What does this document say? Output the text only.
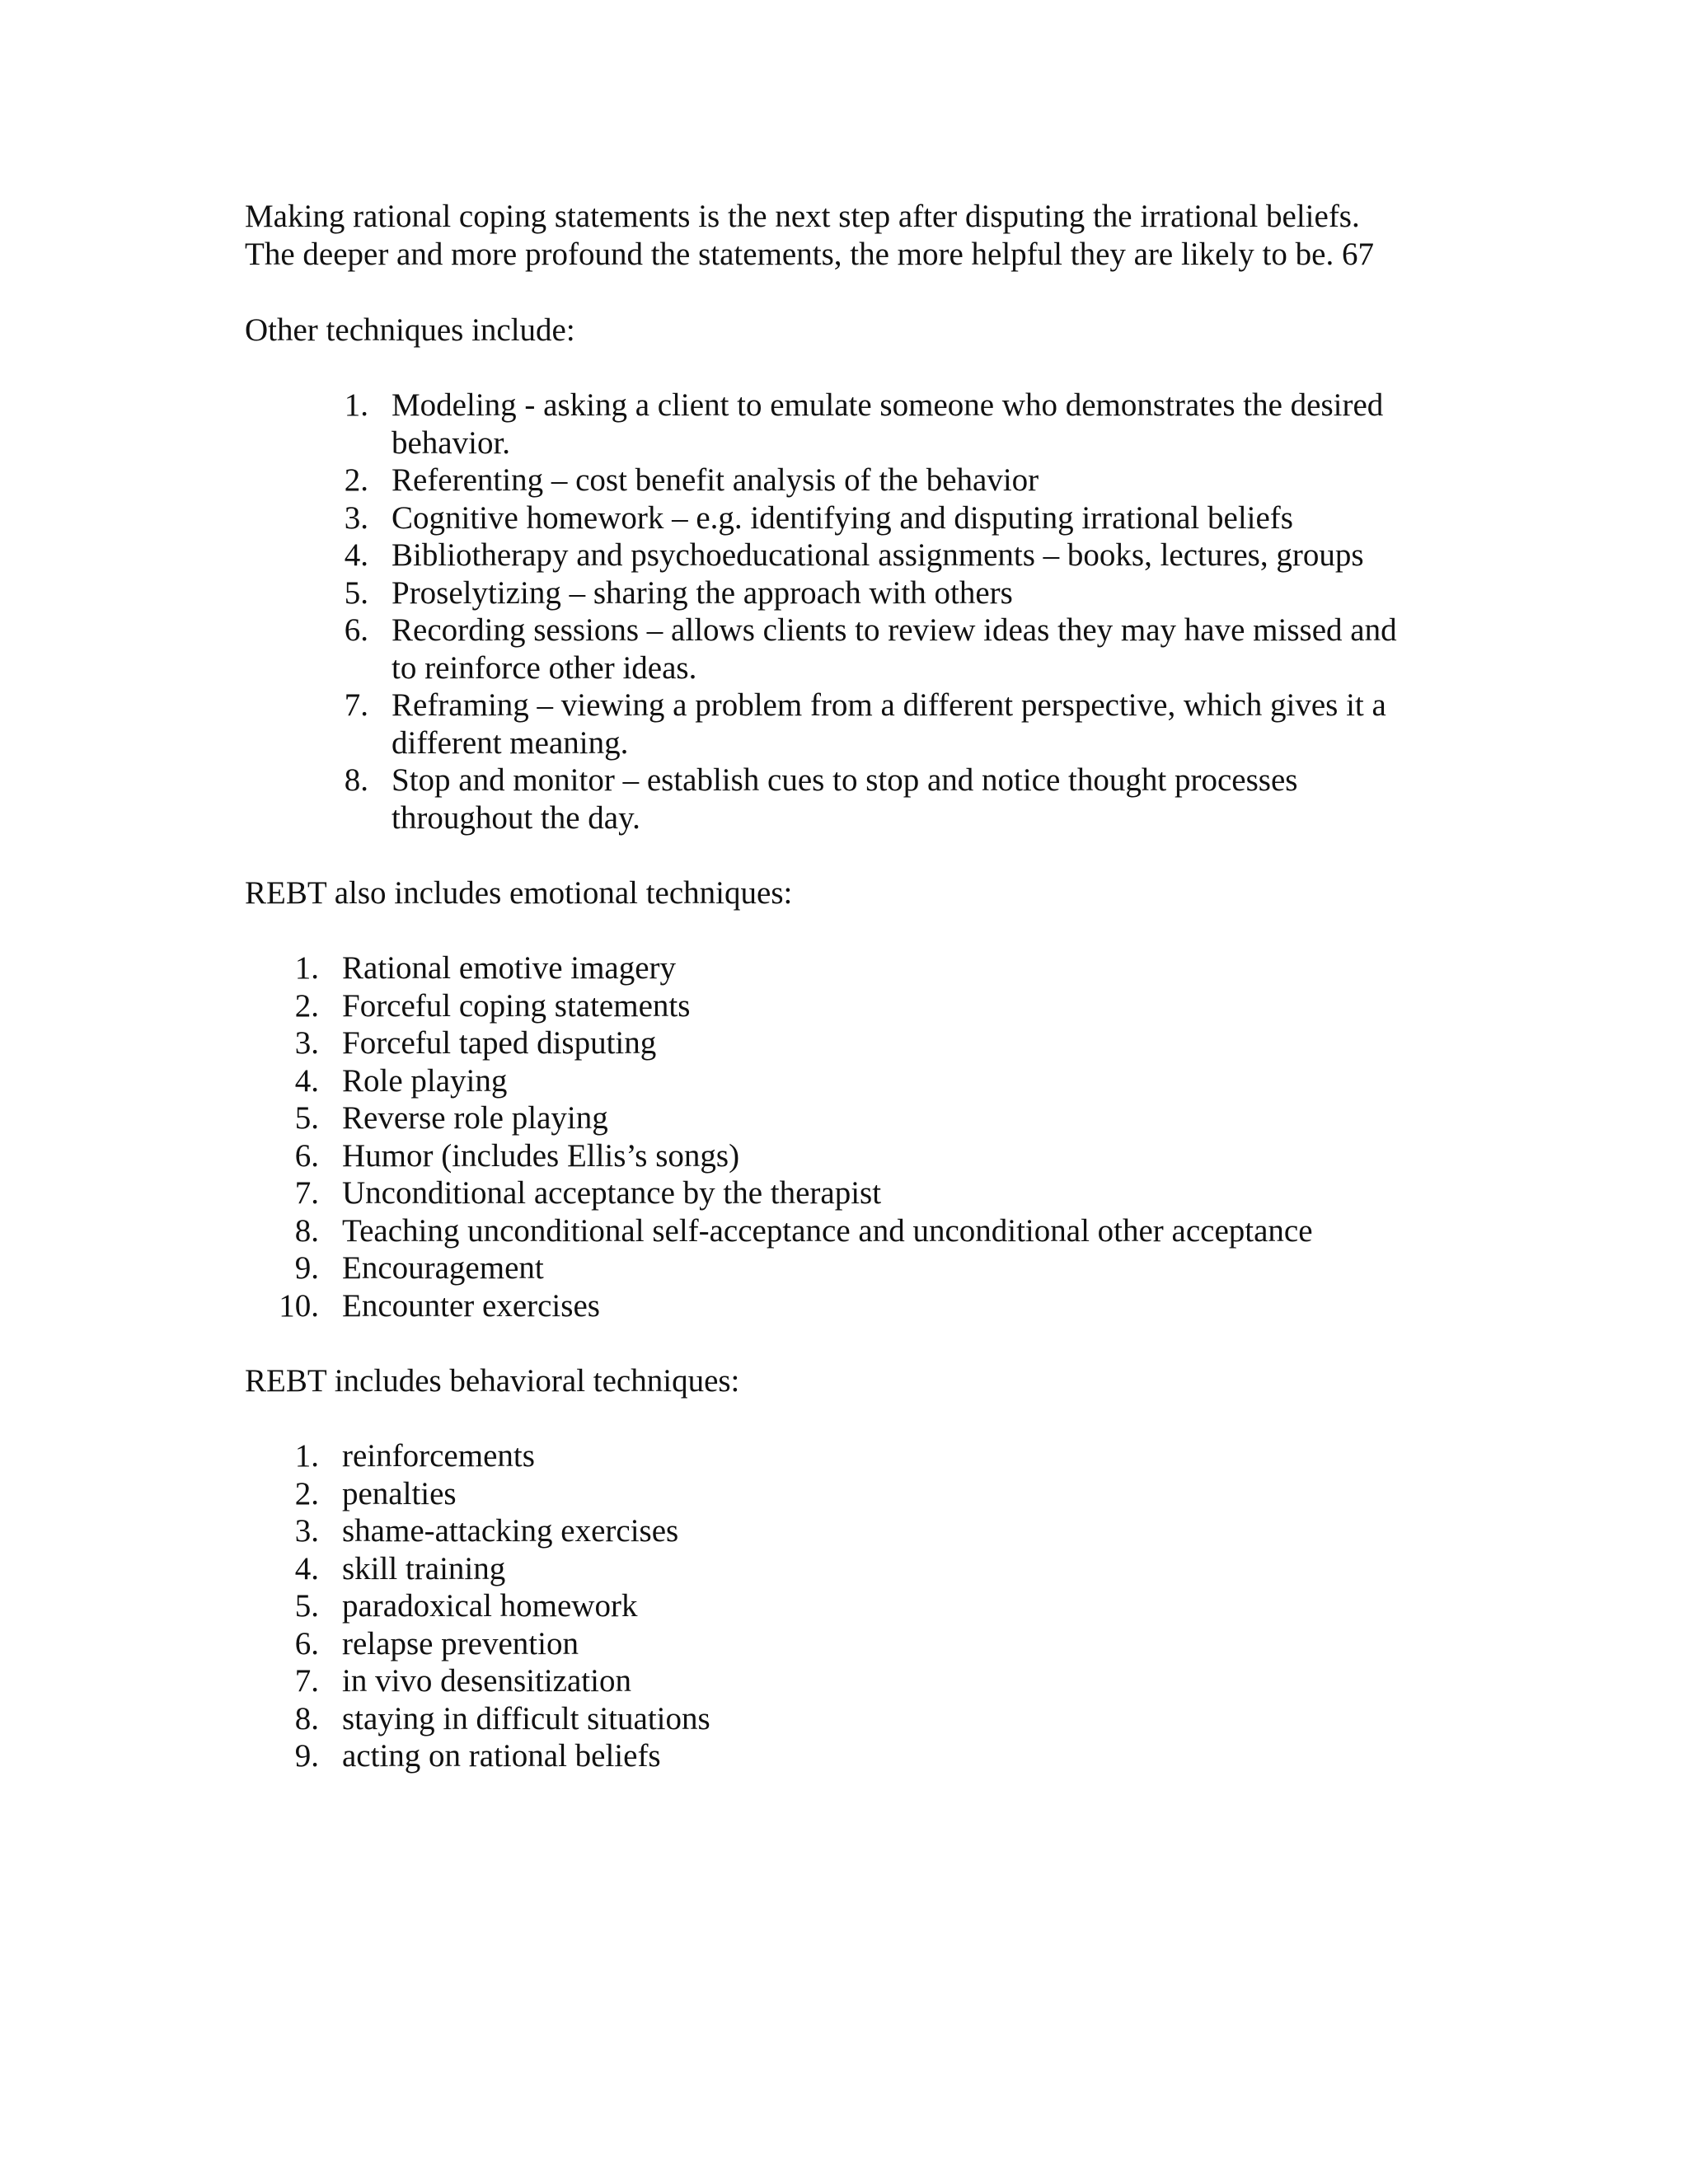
Making rational coping statements is the next step after disputing the irrational beliefs.

The deeper and more profound the statements, the more helpful they are likely to be. 67

Other techniques include:

1. Modeling - asking a client to emulate someone who demonstrates the desired

behavior.

2. Referenting – cost benefit analysis of the behavior

3. Cognitive homework – e.g. identifying and disputing irrational beliefs

4. Bibliotherapy and psychoeducational assignments – books, lectures, groups

5. Proselytizing – sharing the approach with others

6. Recording sessions – allows clients to review ideas they may have missed and

to reinforce other ideas.

7. Reframing – viewing a problem from a different perspective, which gives it a

different meaning.

8. Stop and monitor – establish cues to stop and notice thought processes

throughout the day.

REBT also includes emotional techniques:

1. Rational emotive imagery

2. Forceful coping statements

3. Forceful taped disputing

4. Role playing

5. Reverse role playing

6. Humor (includes Ellis’s songs)

7. Unconditional acceptance by the therapist

8. Teaching unconditional self-acceptance and unconditional other acceptance

9. Encouragement

10. Encounter exercises

REBT includes behavioral techniques:

1. reinforcements

2. penalties

3. shame-attacking exercises

4. skill training

5. paradoxical homework

6. relapse prevention

7. in vivo desensitization

8. staying in difficult situations

9. acting on rational beliefs
